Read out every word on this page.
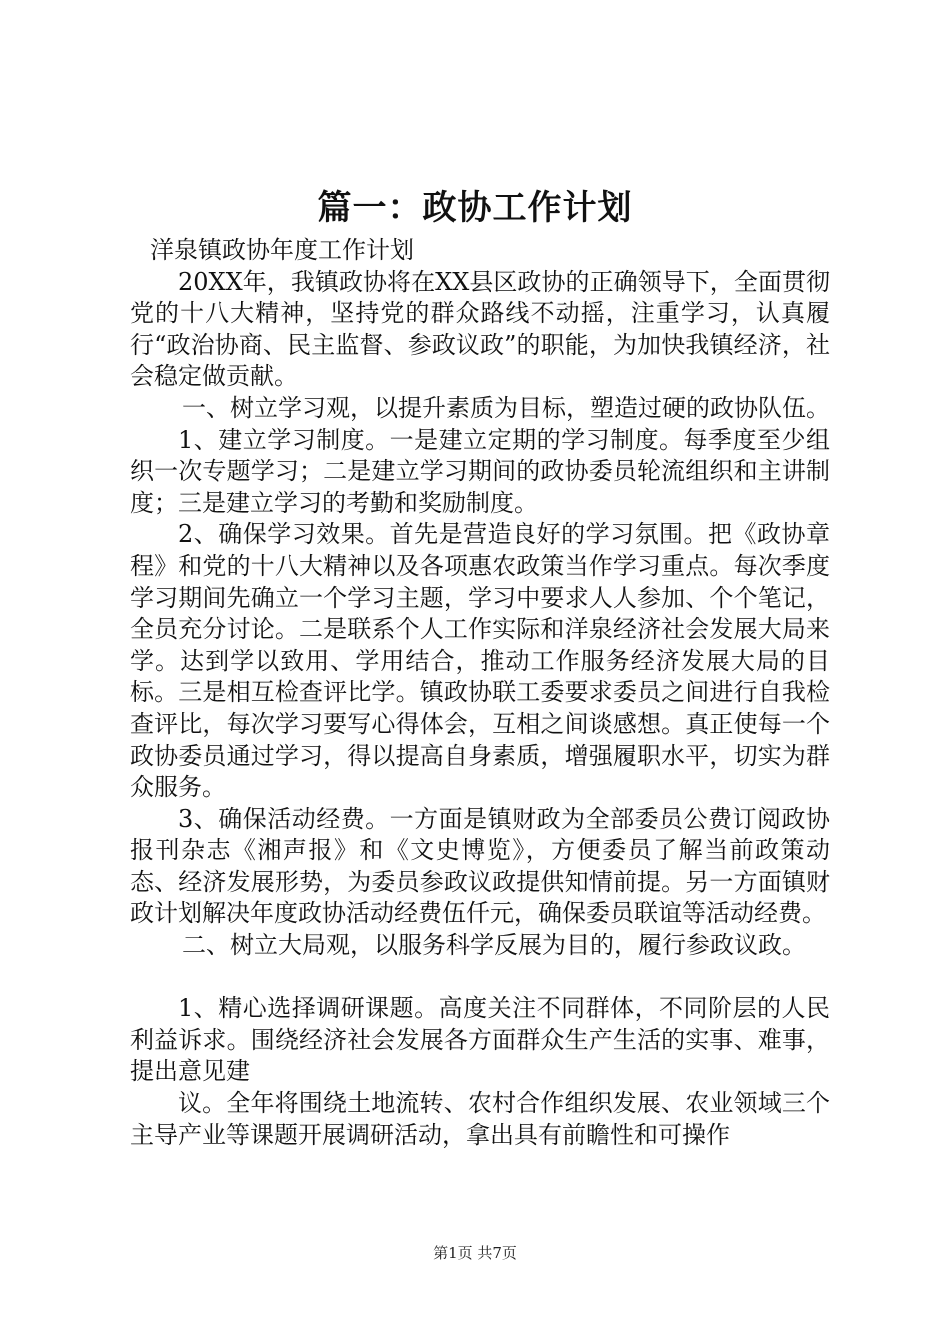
篇一：政协工作计划

洋泉镇政协年度工作计划

20XX年，我镇政协将在XX县区政协的正确领导下，全面贯彻党的十八大精神，坚持党的群众路线不动摇，注重学习，认真履行“政治协商、民主监督、参政议政”的职能，为加快我镇经济，社会稳定做贡献。

一、树立学习观，以提升素质为目标，塑造过硬的政协队伍。

1、建立学习制度。一是建立定期的学习制度。每季度至少组织一次专题学习；二是建立学习期间的政协委员轮流组织和主讲制度；三是建立学习的考勤和奖励制度。

2、确保学习效果。首先是营造良好的学习氛围。把《政协章程》和党的十八大精神以及各项惠农政策当作学习重点。每次季度学习期间先确立一个学习主题，学习中要求人人参加、个个笔记，全员充分讨论。二是联系个人工作实际和洋泉经济社会发展大局来学。达到学以致用、学用结合，推动工作服务经济发展大局的目标。三是相互检查评比学。镇政协联工委要求委员之间进行自我检查评比，每次学习要写心得体会，互相之间谈感想。真正使每一个政协委员通过学习，得以提高自身素质，增强履职水平，切实为群众服务。

3、确保活动经费。一方面是镇财政为全部委员公费订阅政协报刊杂志《湘声报》和《文史博览》，方便委员了解当前政策动态、经济发展形势，为委员参政议政提供知情前提。另一方面镇财政计划解决年度政协活动经费伍仟元，确保委员联谊等活动经费。

二、树立大局观，以服务科学反展为目的，履行参政议政。

1、精心选择调研课题。高度关注不同群体，不同阶层的人民利益诉求。围绕经济社会发展各方面群众生产生活的实事、难事，提出意见建

议。全年将围绕土地流转、农村合作组织发展、农业领域三个主导产业等课题开展调研活动，拿出具有前瞻性和可操作

第1页 共7页
